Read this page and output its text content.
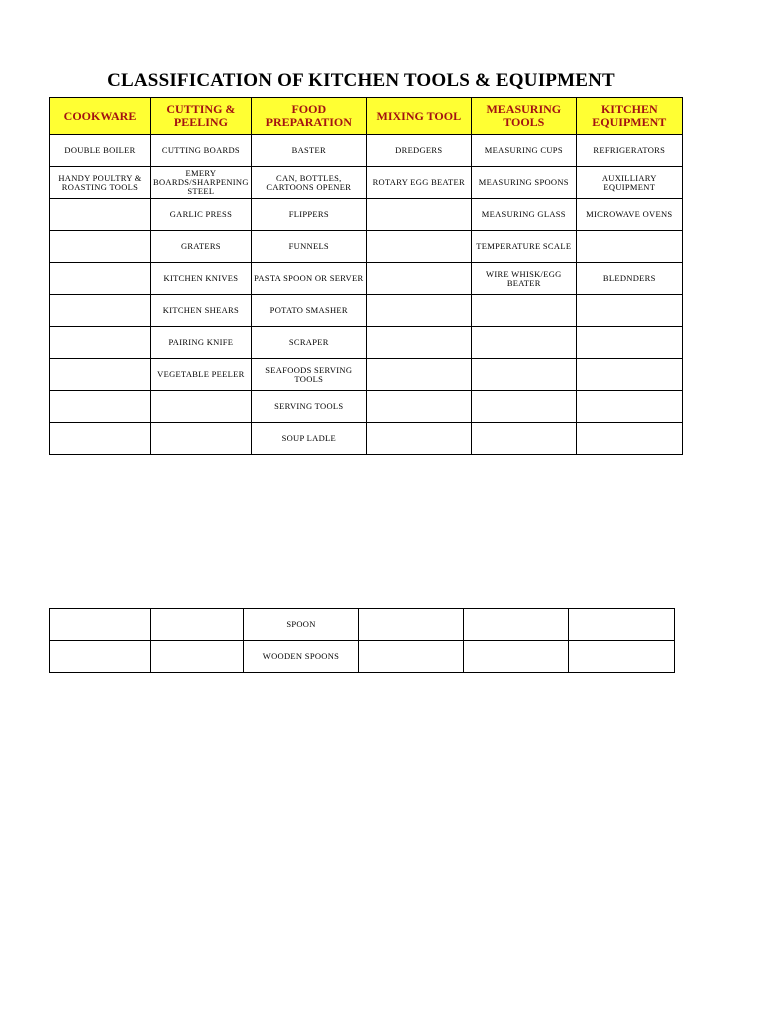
CLASSIFICATION OF KITCHEN TOOLS & EQUIPMENT
COOKWARE	CUTTING & PEELING	FOOD PREPARATION	MIXING TOOL	MEASURING TOOLS	KITCHEN EQUIPMENT
DOUBLE BOILER	CUTTING BOARDS	BASTER	DREDGERS	MEASURING CUPS	REFRIGERATORS
HANDY POULTRY & ROASTING TOOLS	EMERY BOARDS/SHARPENING STEEL	CAN, BOTTLES, CARTOONS OPENER	ROTARY EGG BEATER	MEASURING SPOONS	AUXILLIARY EQUIPMENT
	GARLIC PRESS	FLIPPERS		MEASURING GLASS	MICROWAVE OVENS
	GRATERS	FUNNELS		TEMPERATURE SCALE	
	KITCHEN KNIVES	PASTA SPOON OR SERVER		WIRE WHISK/EGG BEATER	BLEDNDERS
	KITCHEN SHEARS	POTATO SMASHER			
	PAIRING KNIFE	SCRAPER			
	VEGETABLE PEELER	SEAFOODS SERVING TOOLS			
		SERVING TOOLS			
		SOUP LADLE			
		SPOON			
		WOODEN SPOONS			
